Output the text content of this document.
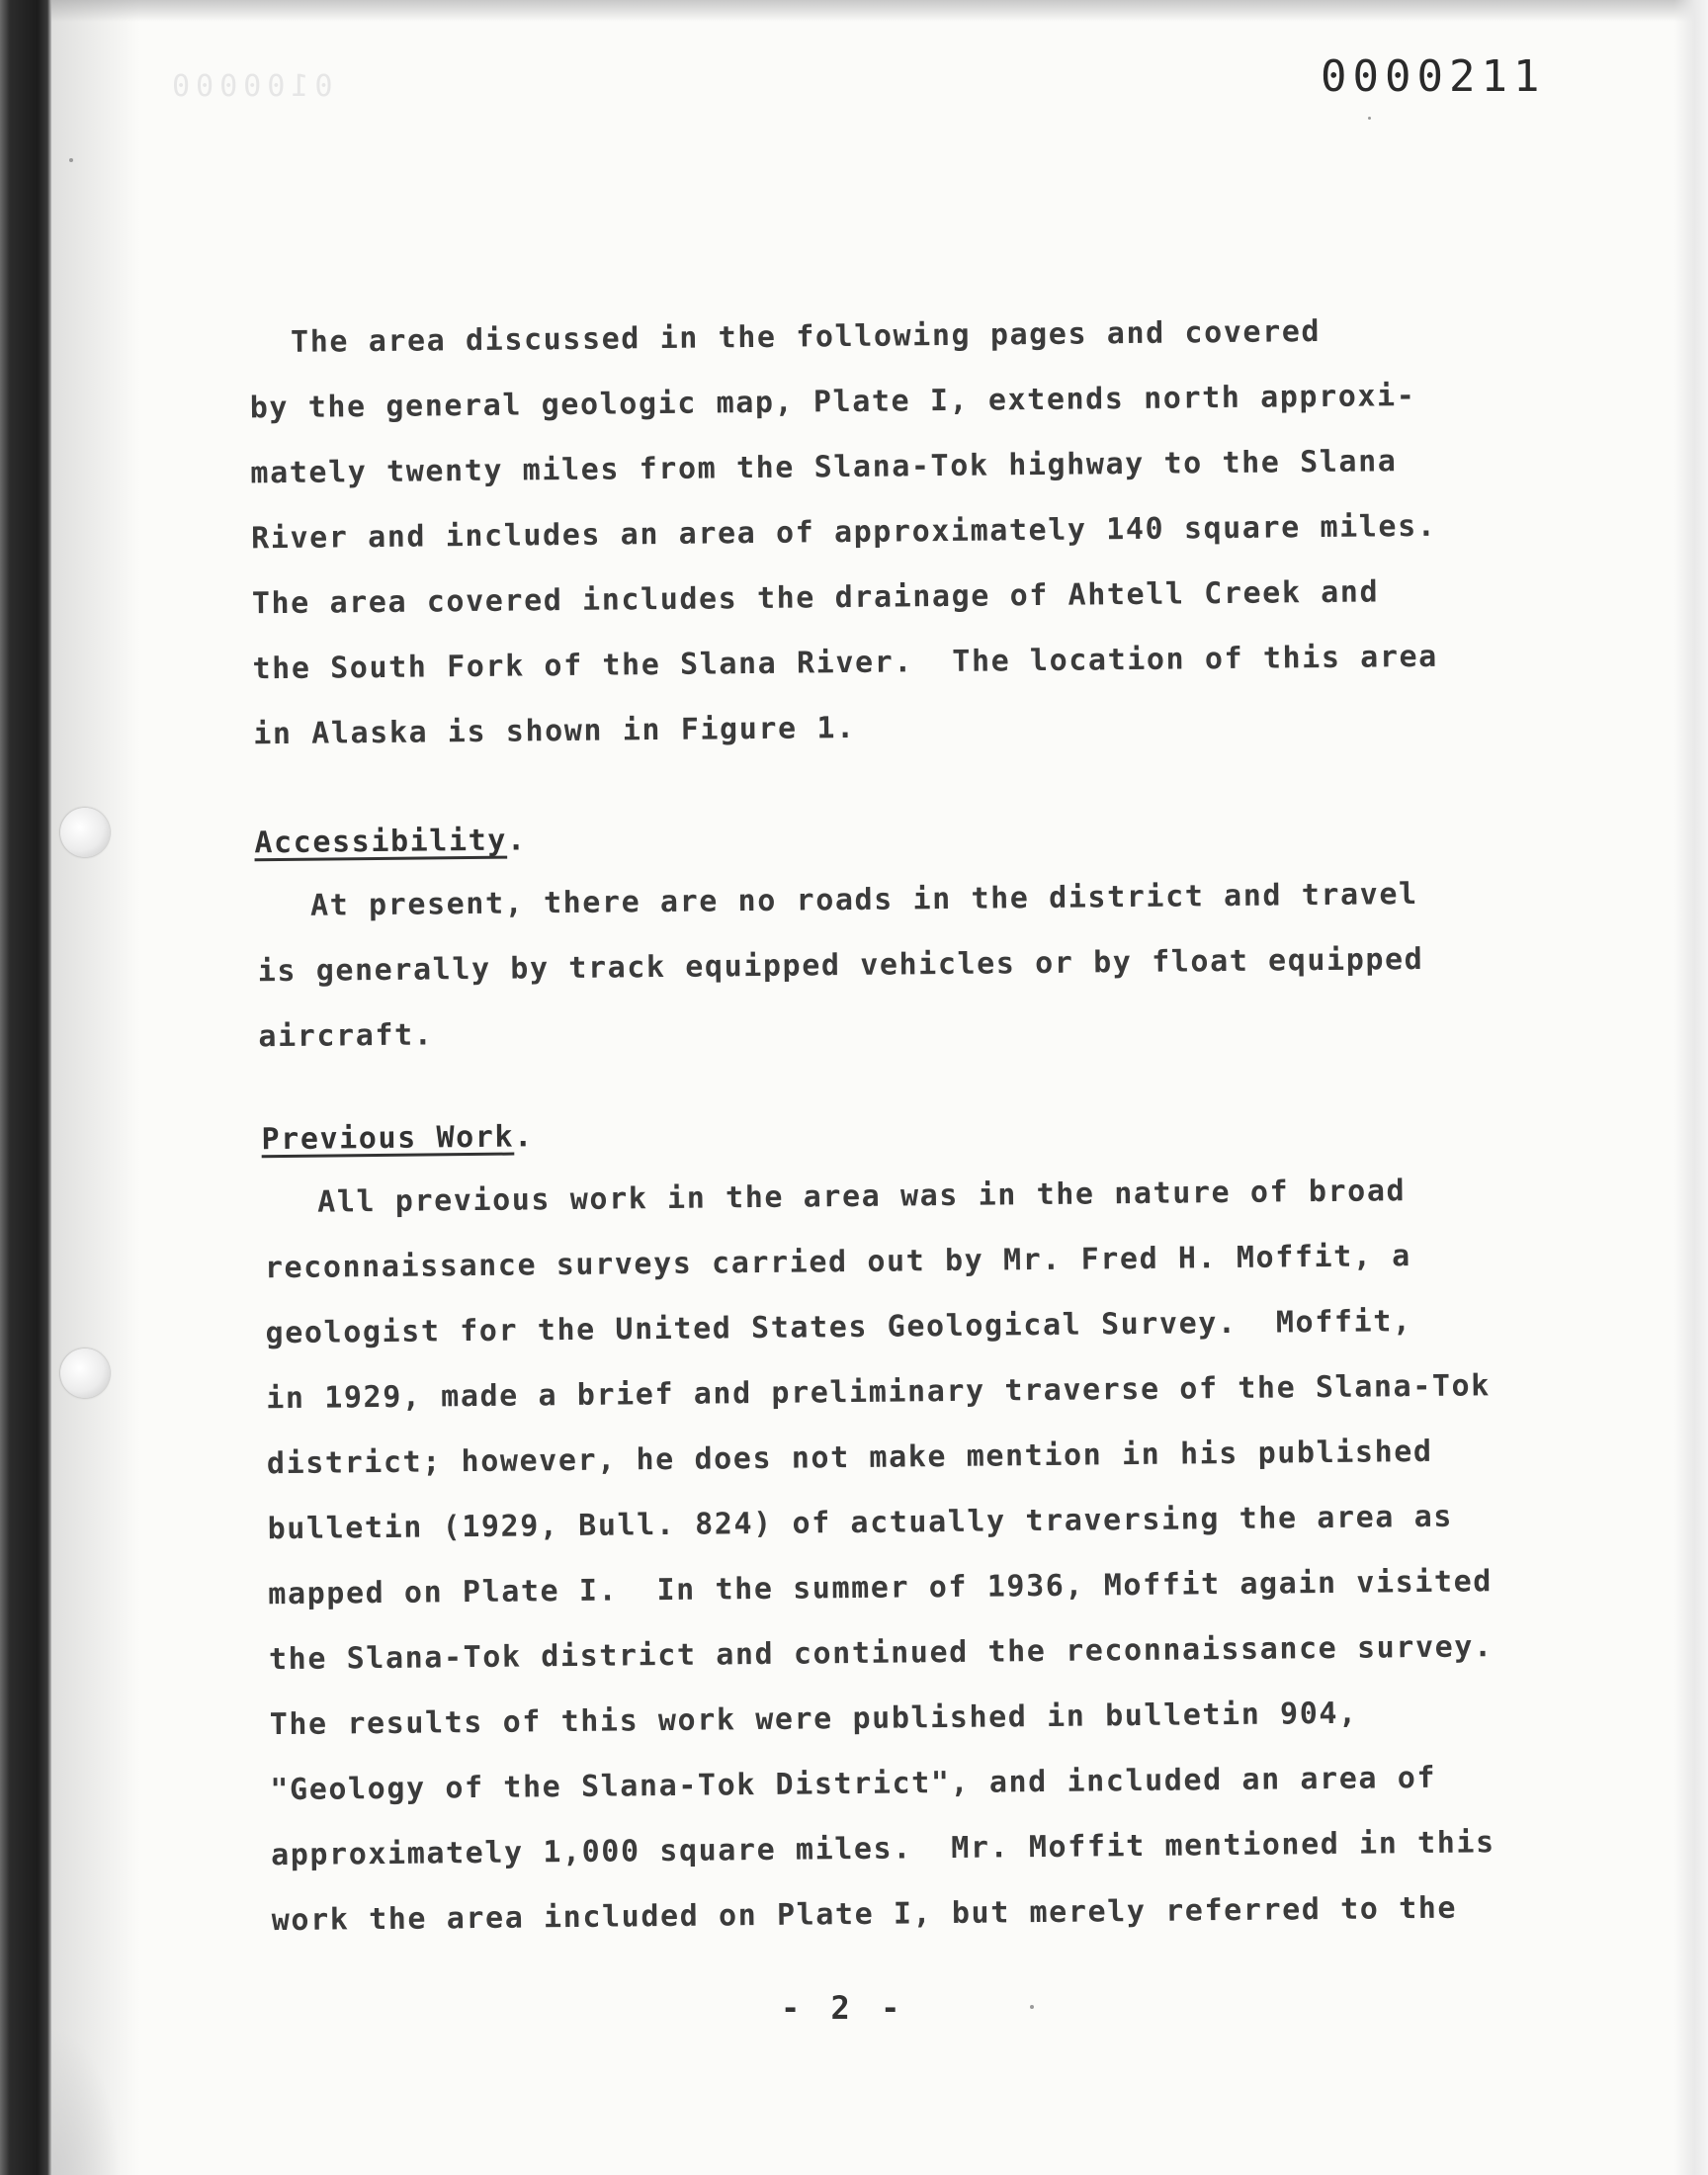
0100000	0000211

The area discussed in the following pages and covered

by the general geologic map, Plate I, extends north approxi-

mately twenty miles from the Slana-Tok highway to the Slana

River and includes an area of approximately 140 square miles.

The area covered includes the drainage of Ahtell Creek and

the South Fork of the Slana River.  The location of this area

in Alaska is shown in Figure 1.

Accessibility.

At present, there are no roads in the district and travel

is generally by track equipped vehicles or by float equipped

aircraft.

Previous Work.

All previous work in the area was in the nature of broad

reconnaissance surveys carried out by Mr. Fred H. Moffit, a

geologist for the United States Geological Survey.  Moffit,

in 1929, made a brief and preliminary traverse of the Slana-Tok

district; however, he does not make mention in his published

bulletin (1929, Bull. 824) of actually traversing the area as

mapped on Plate I.  In the summer of 1936, Moffit again visited

the Slana-Tok district and continued the reconnaissance survey.

The results of this work were published in bulletin 904,

"Geology of the Slana-Tok District", and included an area of

approximately 1,000 square miles.  Mr. Moffit mentioned in this

work the area included on Plate I, but merely referred to the

- 2 -
